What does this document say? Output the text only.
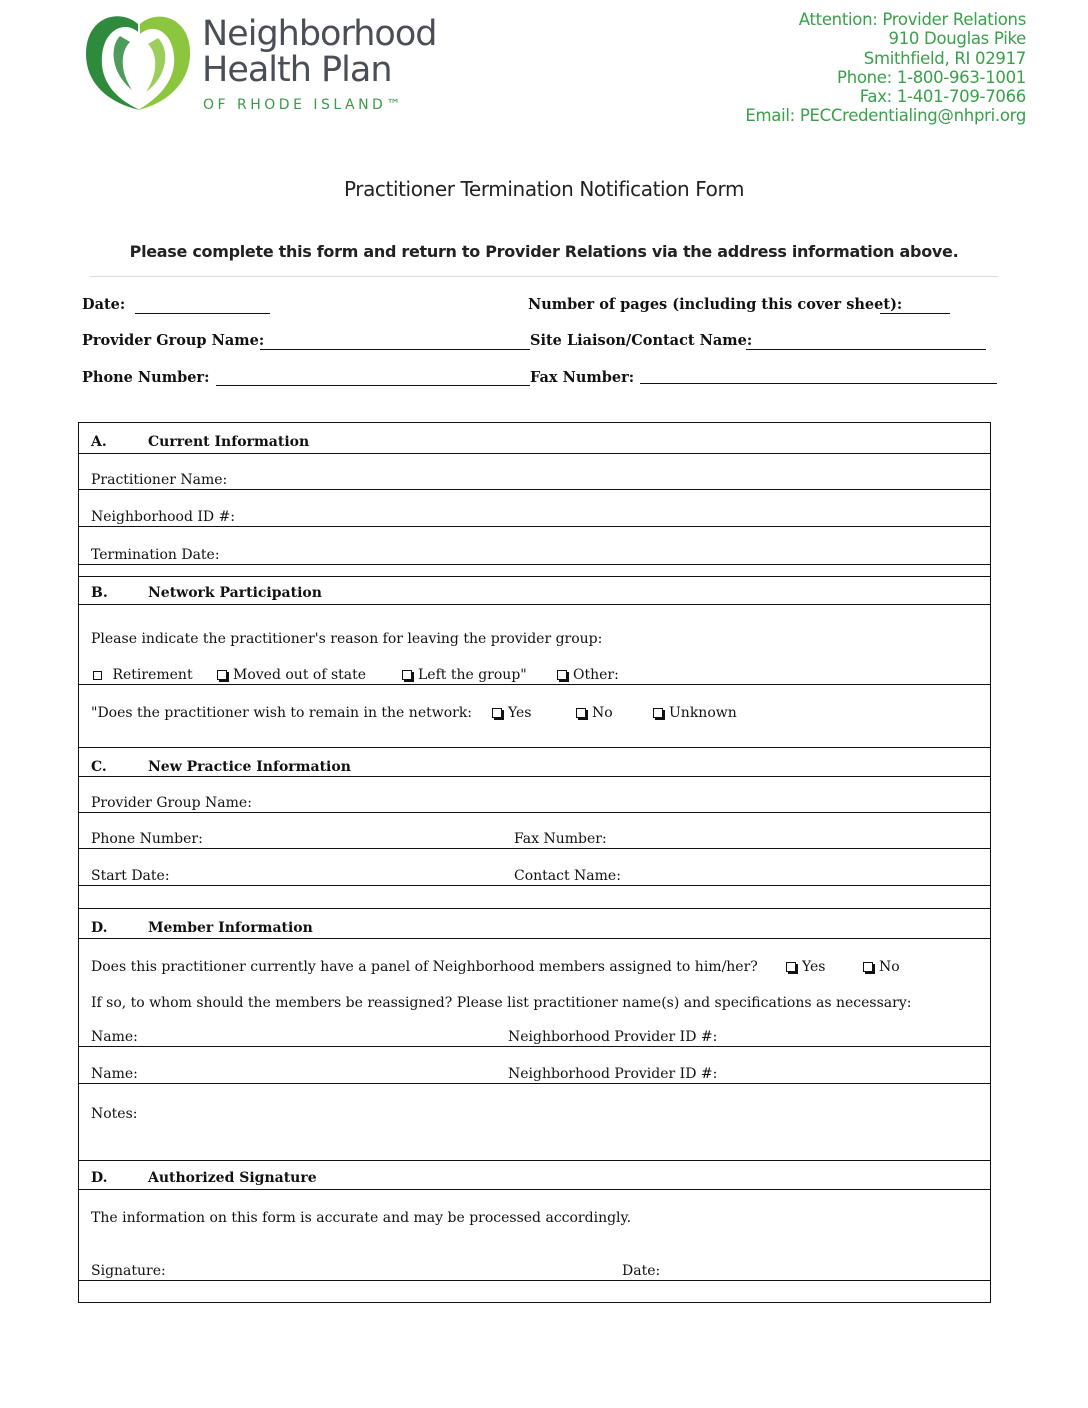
Neighborhood
Health Plan
OF RHODE ISLAND™
Attention: Provider Relations
910 Douglas Pike
Smithfield, RI 02917
Phone: 1-800-963-1001
Fax: 1-401-709-7066
Email: PECCredentialing@nhpri.org
Practitioner Termination Notification Form
Please complete this form and return to Provider Relations via the address information above.
Date:	Number of pages (including this cover sheet):
Provider Group Name:	Site Liaison/Contact Name:
Phone Number:	Fax Number:
A.	Current Information
Practitioner Name:
Neighborhood ID #:
Termination Date:
B.	Network Participation
Please indicate the practitioner's reason for leaving the provider group:
Retirement	Moved out of state	Left the group"	Other:
"Does the practitioner wish to remain in the network:	Yes	No	Unknown
C.	New Practice Information
Provider Group Name:
Phone Number:	Fax Number:
Start Date:	Contact Name:
D.	Member Information
Does this practitioner currently have a panel of Neighborhood members assigned to him/her?	Yes	No
If so, to whom should the members be reassigned? Please list practitioner name(s) and specifications as necessary:
Name:	Neighborhood Provider ID #:
Name:	Neighborhood Provider ID #:
Notes:
D.	Authorized Signature
The information on this form is accurate and may be processed accordingly.
Signature:	Date:
